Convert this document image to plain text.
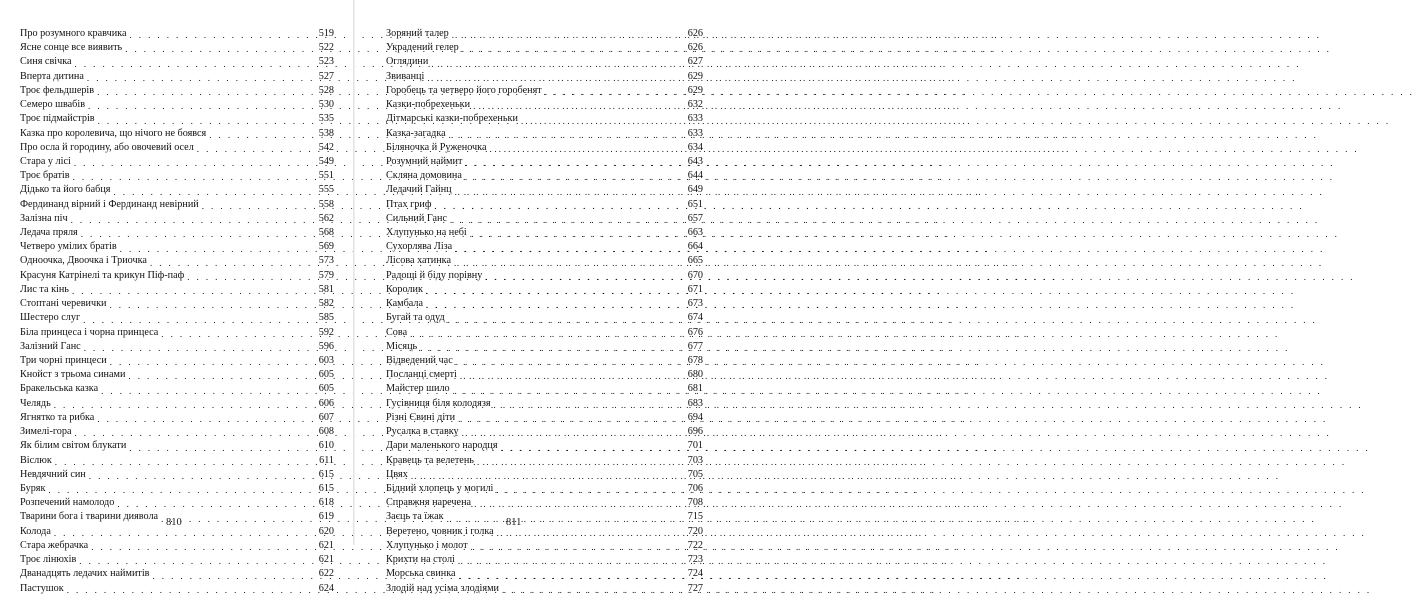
Про розумного кравчика . . .	519
Ясне сонце все виявить . . .	522
Синя свічка . . .	523
Вперта дитина . . .	527
Троє фельдшерів . . .	528
Семеро швабів . . .	530
Троє підмайстрів . . .	535
Казка про королевича, що нічого не боявся . . .	538
Про осла й городину, або овочевий осел . . .	542
Стара у лісі . . .	549
Троє братів . . .	551
Дідько та його бабця . . .	555
Фердинанд вірний і Фердинанд невірний . . .	558
Залізна піч . . .	562
Ледача пряля . . .	568
Четверо умілих братів . . .	569
Одноочка, Двоочка і Триочка . . .	573
Красуня Катрінелі та крикун Піф-паф . . .	579
Лис та кінь . . .	581
Стоптані черевички . . .	582
Шестеро слуг . . .	585
Біла принцеса і чорна принцеса . . .	592
Залізний Ганс . . .	596
Три чорні принцеси . . .	603
Кнойст з трьома синами . . .	605
Бракельська казка . . .	605
Челядь . . .	606
Ягнятко та рибка . . .	607
Зимелі-гора . . .	608
Як білим світом блукати . . .	610
Віслюк . . .	611
Невдячний син . . .	615
Буряк . . .	615
Розпечений намолодо . . .	618
Тварини бога і тварини диявола . . .	619
Колода . . .	620
Стара жебрачка . . .	621
Троє лінюхів . . .	621
Дванадцять ледачих наймитів . . .	622
Пастушок . . .	624
810
Зоряний талер . . .	626
Украдений гелер . . .	626
Оглядини . . .	627
Звиванці . . .	629
Горобець та четверо його горобенят . . .	629
Казки-побрехеньки . . .	632
Дітмарські казки-побрехеньки . . .	633
Казка-загадка . . .	633
Біляночка й Руженочка . . .	634
Розумний наймит . . .	643
Скляна домовина . . .	644
Ледачий Гайнц . . .	649
Птах гриф . . .	651
Сильний Ганс . . .	657
Хлупунько на небі . . .	663
Сухорлява Ліза . . .	664
Лісова хатинка . . .	665
Радощі й біду порівну . . .	670
Королик . . .	671
Камбала . . .	673
Бугай та одуд . . .	674
Сова . . .	676
Місяць . . .	677
Відведений час . . .	678
Посланці смерті . . .	680
Майстер шило . . .	681
Гусівниця біля колодязя . . .	683
Різні Євині діти . . .	694
Русалка в ставку . . .	696
Дари маленького народця . . .	701
Кравець та велетень . . .	703
Цвях . . .	705
Бідний хлопець у могилі . . .	706
Справжня наречена . . .	708
Заєць та їжак . . .	715
Веретено, човник і голка . . .	720
Хлупунько і молот . . .	722
Крихти на столі . . .	723
Морська свинка . . .	724
Злодій над усіма злодіями . . .	727
811
